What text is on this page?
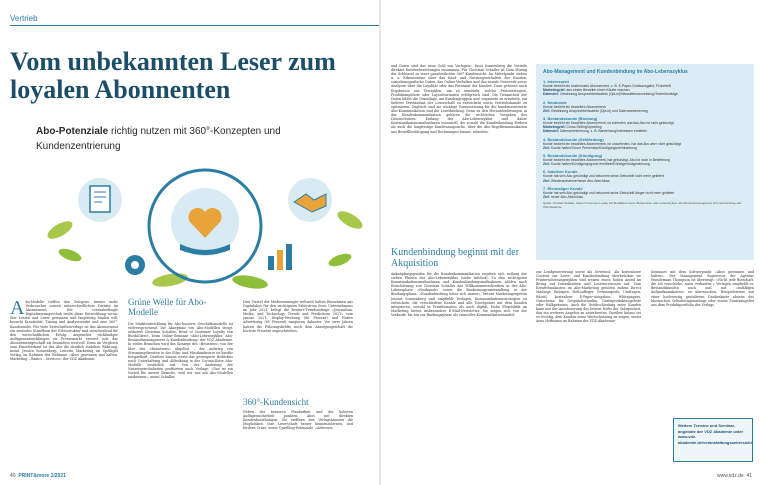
Vertrieb
Vom unbekannten Leser zum loyalen Abonnenten
Abo-Potenziale richtig nutzen mit 360°-Konzepten und Kundenzentrierung
Abo-Modelle treffen den Zeitgeist. Immer mehr Verbraucher nutzen unterschiedlichste Dienste im Abonnement. Der coronabedingte Digitalisierungsschub treibt diese Entwicklung voran. Wer Lesern und Leser gewinnen und langfristig binden will, braucht Kreativität, Timing und Analysestärke und eine 360°-Kundensicht. Für viele Zeitschriftenverlage ist das Abonnement ein zentrales Standbein der Erlösstruktur und entscheidend für den wirtschaftlichen Erfolg. Angesichts rückläufiger Auflagenentwicklungen im Pressemarkt erweist sich das Abonnementgeschäft als besonders wertvoll. Denn im Vergleich zum Einzelverkauf ist das Abo die deutlich stabilere Währung, meint Jessica Sonnenberg, Leiterin Marketing im Spotlight Verlag, im Rahmen des Webinars »Abos gewinnen und halten: Marketing – Basics – Services« der VDZ Akademie.
Grüne Welle für Abo-Modelle
Die Marktentwicklung für Abo-basierte Geschäftsmodelle ist vielversprechend: Die Akzeptanz von Abo-Modellen steigt, erläutert Christian Schaller, Head of Customer Loyalty von BurdaDirect, beim Online-Seminar »Abo-Lebenszyklus: Abo-Bestandsmanagement & Kundenbindung« der VDZ Akademie. In vielen Branchen wird das Konzept des »Besitzens« von der Idee des »Benutzens« abgelöst – der Aufstieg von Streamingdiensten in der Film- und Musikindustrie ist hierfür beispielhaft. Darüber hinaus werte das gesteigerte Bedürfnis nach Unterhaltung und Ablenkung in der Corona-Krise Abo-Modelle zusätzlich auf. Von der Änderung der Nutzergewohnheiten profitieren auch Verlage: »Das ist ein Vorteil für unsere Branche, weil wir uns mit Abo-Modellen auskennen«, meint Schaller.
Drei Viertel der Medienmanager weltweit halten Einnahmen aus Digitalabos für den wichtigsten Erlösstrom ihres Unternehmens im Jahr 2021, belegt die Reuters-Trendumfrage »Journalism, Media, and Technology Trends and Predictions 2021« vom Januar 2021. Display-Werbung (66 Prozent) und Native Advertising (61 Prozent) rangieren dahinter. Vor zwei Jahren hatten die Führungskräfte noch dem Anzeigengeschäft die höchste Priorität zugeschrieben.
360°-Kundensicht
Neben der besseren Planbarkeit und der höheren Auflagensicherheit punkten Abos mit direkten Kundenbeziehungen: Sie eröffnen den Verlagshäusern die Möglichkeit, ihre Leserschaft besser kennenzulernen, und fördern Cross- sowie Upselling-Potenziale. »Adressen
40 PRINT&more 1/2021
und Daten sind das neue Gold von Verlagen«, fasst Sonnenberg die Vorteile direkter Kundenbeziehungen zusammen. Für Christian Schaller ist Data Mining der Schlüssel zu einer ganzheitlichen 360°-Kundensicht. Im Mittelpunkt stehen u. a. Erkenntnisse über das Kauf- und Nutzungsverhalten der Kunden, soziodemografische Daten, das Online-Verhalten und das soziale Netzwerk sowie Analysen über die Loyalität oder das Potenzial der Kunden. Dazu gehören auch Ergebnisse aus Testzyklen, um zu ermitteln, welche Preisstrategien, Produktangebote oder Layoutvarianten erfolgreich sind. Die Gesamtheit der Daten bildet die Grundlage, um Kundengruppen und -segmente zu ermitteln, ein tieferes Verständnis der Leserschaft zu entwickeln sowie Vertriebskanäle zu optimieren. Zugleich sind sie wichtige Voraussetzung für die kundenzentrierte Abo-Kommunikation und die Leserbindung. Denn zu den Herausforderungen in der Kundenkommunikation gehören die rechtlichen Vorgaben des Datenschutzes. Entlang des Abo-Lebenszyklus sind daher Kommunikationsmaßnahmen essenziell, die sowohl die Kundenbindung fördern als auch die langfristige Kundenansprache, über die Abo-Regelkommunikation aus Bestellbestätigung und Rechnungen hinaus, erlauben.
Kundenbindung beginnt mit der Akquisition
Anknüpfungspunkte für die Kundenkommunikation ergeben sich entlang der sieben Phasen des Abo-Lebenszyklus (siehe Infobox). Zu den wichtigsten Kommunikationsmaßnahmen und Kundenbindungsmaßnahmen zählen nach Einschätzung von Christian Schaller das Willkommensschreiben in der Abo-Lebensphase »Neukunde« sowie die Bankeinzugsumwandlung in der Bindungsphase. »Kundenbindung lohnt sich immer«, betont Marketingexpertin Jessica Sonnenberg und empfiehlt Verlagen, Kommunikationsstrategien zu entwickeln, die verschiedene Kanäle und alle Touchpoints mit dem Kunden integrieren, sowohl in Printformaten als auch digital. Hohe Flexibilität im Marketing bieten insbesondere E-Mail-Newsletter. Sie zeigen sich von der Verkaufs- bis hin zur Bindungsphase als sinnvolles Kommunikationsmittel.
Abo-Management und Kundenbindung im Abo-Lebenszyklus
1. Interessent
Kunde bezieht ein kostenloses Abonnement, z. B. E-Paper-Gratisausgabe, Probeheft
Marketingziel: aus einem Besteller einen Käufer machen
Datenziel: Gewinnung Ansprechberlaubnis (Opt-in)/Newsletteranmeldung/Testreihenfolge
2. Neukunde
Kunde bezieht ein bezahltes Abonnement
Ziel: Gewinnung Ansprechberlaubnis (Opt-in) und Datenanreicherung
3. Bestandskunde (Bindung)
Kunde bezieht ein bezahltes Abonnement, ist zufrieden und das Abo ist nicht gekündigt
Marketingziel: Cross-Selling/Upselling
Datenziel: Datenanreicherung, z. B. Bankeinzug/Interessen ermitteln
4. Bestandskunde (Gefährdung)
Kunde bezieht ein bezahltes Abonnement, ist unzufrieden, hat das Abo aber nicht gekündigt
Ziel: Kunde halten/Churn Prevention/Kündigungsverhinderung
5. Bestandskunde (Kündigung)
Kunde bezieht ein bezahltes Abonnement, hat gekündigt, Abo ist noch in Belieferung
Ziel: Kunde halten/Kündigungsgrund ermitteln/Kündigerrückgewinnung
6. Inaktiver Kunde
Kunde hat sein Abo gekündigt und bekommt seine Zeitschrift nicht mehr geliefert
Ziel: Wiederaufnahme/neuer Abo-Abschluss
7. Ehemaliger Kunde
Kunde hat sein Abo gekündigt und bekommt seine Zeitschrift länger nicht mehr geliefert
Ziel: neuer Abo-Abschluss
Quelle: Christian Schaller, Head of Customer Loyalty bei BurdaDirect beim Webseminar »Abo-Lebenszyklus: Abo-Bestandsmanagement & Kundenbindung« der VDZ Akademie
zur Leadgenerierung sowie als Newstool. Als kostenloser Content zur Leser- und Kundenbindung überbrücken sie Printerscheinungszyklen und weisen einen hohen Anteil an Bezug auf Interaktionen und Leserinteressen auf. Zum Kreativbaukasten im Abo-Marketing gehören zudem Direct Mailings, Beilagen, Heftaufleger, Gewinnspiele, Umfragen, Rätsel, kostenlose E-Paper-Ausgaben, Whitepapers, Gutscheine für Gesprächsrunden, Gratisproduktangebote oder Halbprämien. Auch die Verabschiedung eines Kunden kann mit der Aussteuerung des letzten Hefts der Gelegenheit, ihm ein weiteres Angebot zu unterbreiten. Darüber hinaus sei es wichtig, dem Kunden seine Wertschätzung zu zeigen, meint Arno Hoffmann im Rahmen des VDZ-Akademie-
Seminars mit dem Schwerpunkt »Abos gewinnen und halten«. Der Management Supervisor der Agentur Wunderman Thompson ist überzeugt: »Nicht jede Botschaft, die ich verschicke, muss verkaufen.« Verlagen empfiehlt er, Bestandskunden auch mal mit »zufälligen Aufmerksamkeiten« zu überraschen. Beispielsweise mit einer hochwertig gestalteten Dankeskarte abseits des klassischen Geburtstagsmailings oder einem Zusatzangebot aus dem Produktportfolio des Verlags.
Weitere Termine und Seminar-angebote der VDZ Akademie unter www.vdz-akademie.de/veranstaltungsuebersicht
www.vdz.de 41
